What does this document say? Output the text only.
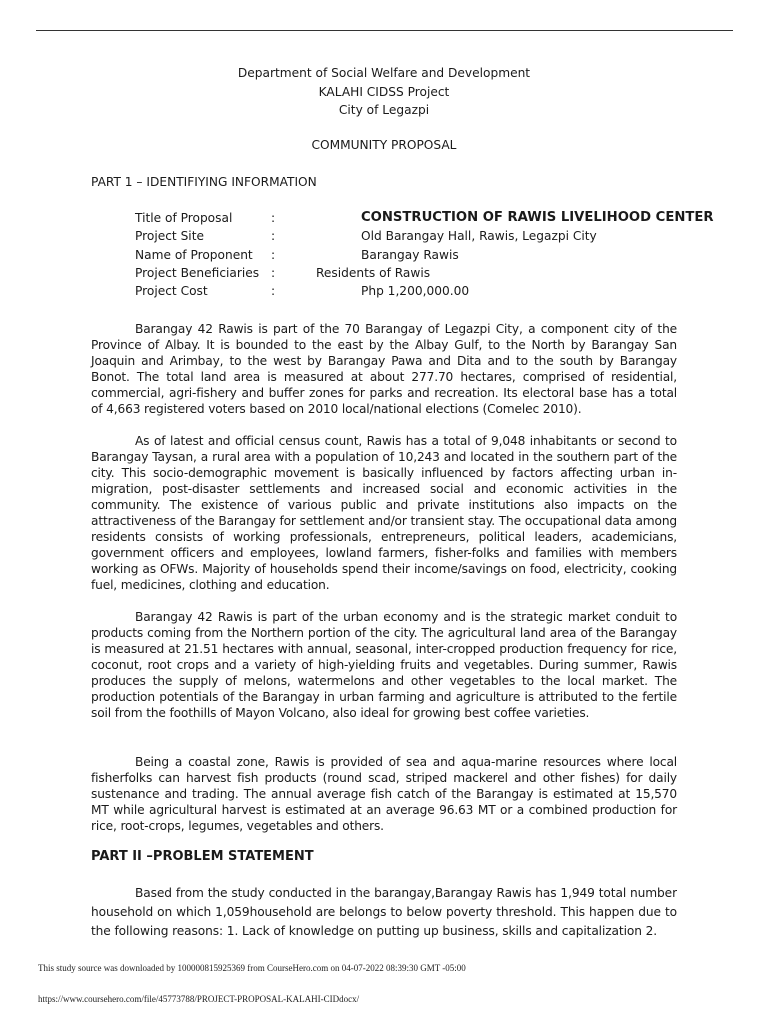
Department of Social Welfare and Development
KALAHI CIDSS Project
City of Legazpi
COMMUNITY PROPOSAL
PART 1 – IDENTIFIYING INFORMATION
Title of Proposal	:	CONSTRUCTION OF RAWIS LIVELIHOOD CENTER
Project Site	:	Old Barangay Hall, Rawis, Legazpi City
Name of Proponent :	Barangay Rawis
Project Beneficiaries :	Residents of Rawis
Project Cost	:	Php 1,200,000.00

Barangay 42 Rawis is part of the 70 Barangay of Legazpi City, a component city of the Province of Albay. It is bounded to the east by the Albay Gulf, to the North by Barangay San Joaquin and Arimbay, to the west by Barangay Pawa and Dita and to the south by Barangay Bonot. The total land area is measured at about 277.70 hectares, comprised of residential, commercial, agri-fishery and buffer zones for parks and recreation. Its electoral base has a total of 4,663 registered voters based on 2010 local/national elections (Comelec 2010).

As of latest and official census count, Rawis has a total of 9,048 inhabitants or second to Barangay Taysan, a rural area with a population of 10,243 and located in the southern part of the city. This socio-demographic movement is basically influenced by factors affecting urban in-migration, post-disaster settlements and increased social and economic activities in the community. The existence of various public and private institutions also impacts on the attractiveness of the Barangay for settlement and/or transient stay. The occupational data among residents consists of working professionals, entrepreneurs, political leaders, academicians, government officers and employees, lowland farmers, fisher-folks and families with members working as OFWs. Majority of households spend their income/savings on food, electricity, cooking fuel, medicines, clothing and education.

Barangay 42 Rawis is part of the urban economy and is the strategic market conduit to products coming from the Northern portion of the city. The agricultural land area of the Barangay is measured at 21.51 hectares with annual, seasonal, inter-cropped production frequency for rice, coconut, root crops and a variety of high-yielding fruits and vegetables. During summer, Rawis produces the supply of melons, watermelons and other vegetables to the local market. The production potentials of the Barangay in urban farming and agriculture is attributed to the fertile soil from the foothills of Mayon Volcano, also ideal for growing best coffee varieties.

Being a coastal zone, Rawis is provided of sea and aqua-marine resources where local fisherfolks can harvest fish products (round scad, striped mackerel and other fishes) for daily sustenance and trading. The annual average fish catch of the Barangay is estimated at 15,570 MT while agricultural harvest is estimated at an average 96.63 MT or a combined production for rice, root-crops, legumes, vegetables and others.

PART II –PROBLEM STATEMENT

Based from the study conducted in the barangay,Barangay Rawis has 1,949 total number household on which 1,059household are belongs to below poverty threshold. This happen due to the following reasons: 1. Lack of knowledge on putting up business, skills and capitalization 2.

This study source was downloaded by 100000815925369 from CourseHero.com on 04-07-2022 08:39:30 GMT -05:00
https://www.coursehero.com/file/45773788/PROJECT-PROPOSAL-KALAHI-CIDdocx/
